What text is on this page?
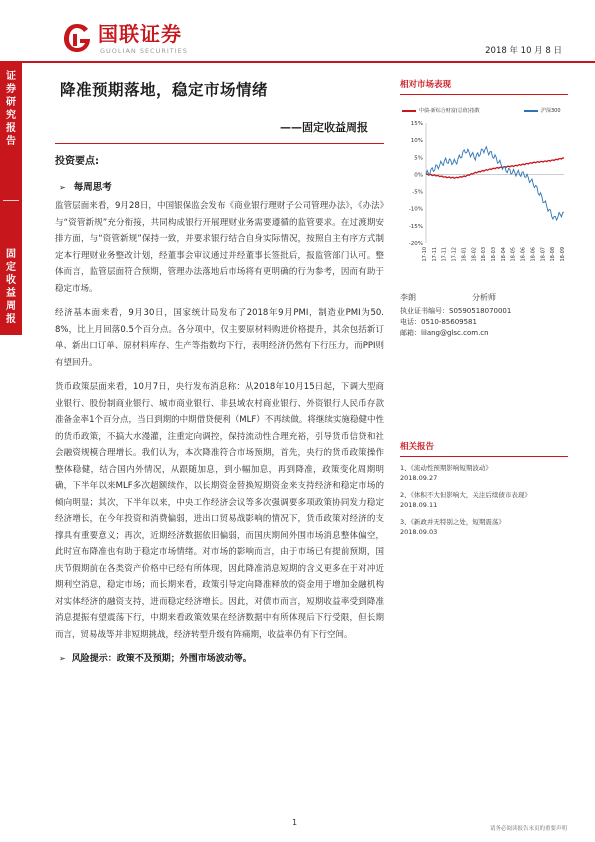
国联证券
GUOLIAN SECURITIES	2018 年 10 月 8 日
证券研究报告
固定收益周报
降准预期落地，稳定市场情绪
——固定收益周报
投资要点:
➢ 每周思考

监管层面来看，9月28日，中国银保监会发布《商业银行理财子公司管理办法》，《办法》与“资管新规”充分衔接，共同构成银行开展理财业务需要遵循的监管要求。在过渡期安排方面，与“资管新规”保持一致，并要求银行结合自身实际情况，按照自主有序方式制定本行理财业务整改计划，经董事会审议通过并经董事长签批后，报监管部门认可。整体而言，监管层面符合预期，管理办法落地后市场将有更明确的行为参考，因而有助于稳定市场。

经济基本面来看，9月30日，国家统计局发布了2018年9月PMI，制造业PMI为50.8%，比上月回落0.5个百分点。各分项中，仅主要原材料购进价格提升，其余包括新订单、新出口订单、原材料库存、生产等指数均下行，表明经济仍然有下行压力，而PPI则有望回升。

货币政策层面来看，10月7日，央行发布消息称：从2018年10月15日起，下调大型商业银行、股份制商业银行、城市商业银行、非县域农村商业银行、外资银行人民币存款准备金率1个百分点，当日到期的中期借贷便利（MLF）不再续做。将继续实施稳健中性的货币政策，不搞大水漫灌，注重定向调控，保持流动性合理充裕，引导货币信贷和社会融资规模合理增长。我们认为，本次降准符合市场预期，首先，央行的货币政策操作整体稳健，结合国内外情况，从跟随加息，到小幅加息，再到降准，政策变化周期明确，下半年以来MLF多次超额续作，以长期资金替换短期资金来支持经济和稳定市场的倾向明显；其次，下半年以来，中央工作经济会议等多次强调要多项政策协同发力稳定经济增长，在今年投资和消费偏弱，进出口贸易战影响的情况下，货币政策对经济的支撑具有重要意义；再次，近期经济数据依旧偏弱，而国庆期间外围市场消息整体偏空，此时宣布降准也有助于稳定市场情绪。对市场的影响而言，由于市场已有提前预期，国庆节假期前在各类资产价格中已经有所体现，因此降准消息短期的含义更多在于对冲近期利空消息，稳定市场；而长期来看，政策引导定向降准释放的资金用于增加金融机构对实体经济的融资支持，进而稳定经济增长。因此，对债市而言，短期收益率受到降准消息提振有望震荡下行，中期来看政策效果在经济数据中有所体现后下行受限，但长期而言，贸易战等并非短期挑战，经济转型升级有阵痛期，收益率仍有下行空间。

➢ 风险提示：政策不及预期；外围市场波动等。
相对市场表现
中债-新综合财富(总值)指数	沪深300
15%
10%
5%
0%
-5%
-10%
-15%
-20%
17-10 17-11 17-11 17-12 18-01 18-02 18-03 18-03 18-04 18-05 18-06 18-06 18-07 18-08 18-09
李朗	分析师
执业证书编号：S0590518070001
电话：0510-85609581
邮箱：lilang@glsc.com.cn
相关报告
1、《流动性预期影响短期波动》
2018.09.27
2、《体积不大但影响大，关注后续债市表现》
2018.09.11
3、《新政并无特别之处，短期震荡》
2018.09.03
1
请务必阅读报告末页的重要声明
